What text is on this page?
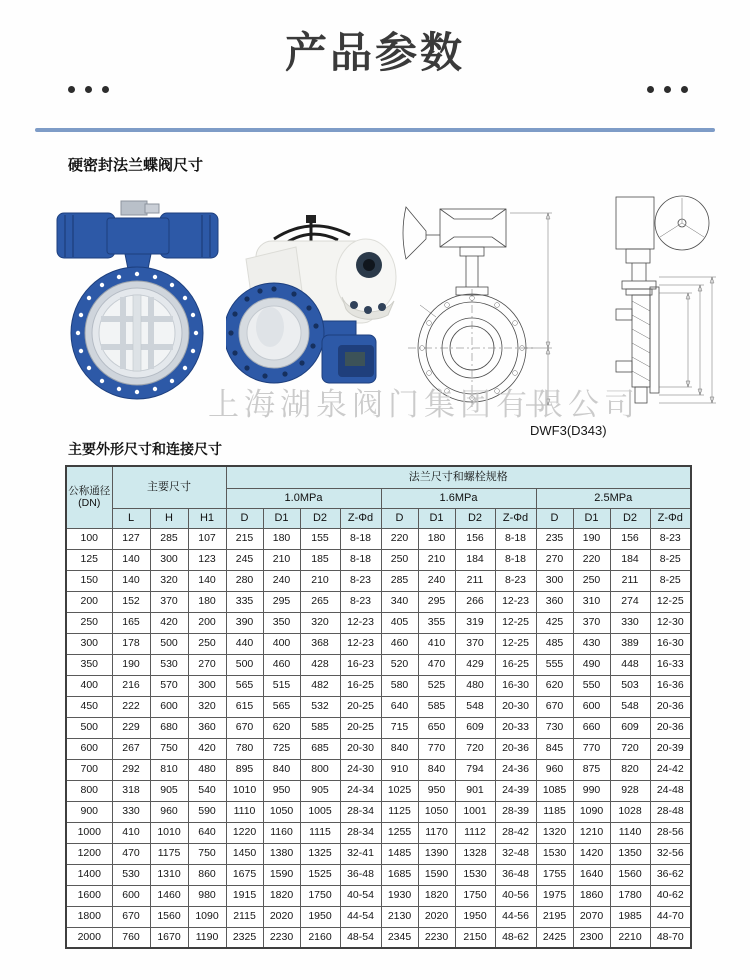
产品参数
硬密封法兰蝶阀尺寸
上海湖泉阀门集团有限公司
DWF3(D343)
主要外形尺寸和连接尺寸
公称通径(DN)	主要尺寸			法兰尺寸和螺栓规格											
				1.0MPa				1.6MPa				2.5MPa			
	L	H	H1	D	D1	D2	Z-Φd	D	D1	D2	Z-Φd	D	D1	D2	Z-Φd
100	127	285	107	215	180	155	8-18	220	180	156	8-18	235	190	156	8-23
125	140	300	123	245	210	185	8-18	250	210	184	8-18	270	220	184	8-25
150	140	320	140	280	240	210	8-23	285	240	211	8-23	300	250	211	8-25
200	152	370	180	335	295	265	8-23	340	295	266	12-23	360	310	274	12-25
250	165	420	200	390	350	320	12-23	405	355	319	12-25	425	370	330	12-30
300	178	500	250	440	400	368	12-23	460	410	370	12-25	485	430	389	16-30
350	190	530	270	500	460	428	16-23	520	470	429	16-25	555	490	448	16-33
400	216	570	300	565	515	482	16-25	580	525	480	16-30	620	550	503	16-36
450	222	600	320	615	565	532	20-25	640	585	548	20-30	670	600	548	20-36
500	229	680	360	670	620	585	20-25	715	650	609	20-33	730	660	609	20-36
600	267	750	420	780	725	685	20-30	840	770	720	20-36	845	770	720	20-39
700	292	810	480	895	840	800	24-30	910	840	794	24-36	960	875	820	24-42
800	318	905	540	1010	950	905	24-34	1025	950	901	24-39	1085	990	928	24-48
900	330	960	590	1110	1050	1005	28-34	1125	1050	1001	28-39	1185	1090	1028	28-48
1000	410	1010	640	1220	1160	1115	28-34	1255	1170	1112	28-42	1320	1210	1140	28-56
1200	470	1175	750	1450	1380	1325	32-41	1485	1390	1328	32-48	1530	1420	1350	32-56
1400	530	1310	860	1675	1590	1525	36-48	1685	1590	1530	36-48	1755	1640	1560	36-62
1600	600	1460	980	1915	1820	1750	40-54	1930	1820	1750	40-56	1975	1860	1780	40-62
1800	670	1560	1090	2115	2020	1950	44-54	2130	2020	1950	44-56	2195	2070	1985	44-70
2000	760	1670	1190	2325	2230	2160	48-54	2345	2230	2150	48-62	2425	2300	2210	48-70
